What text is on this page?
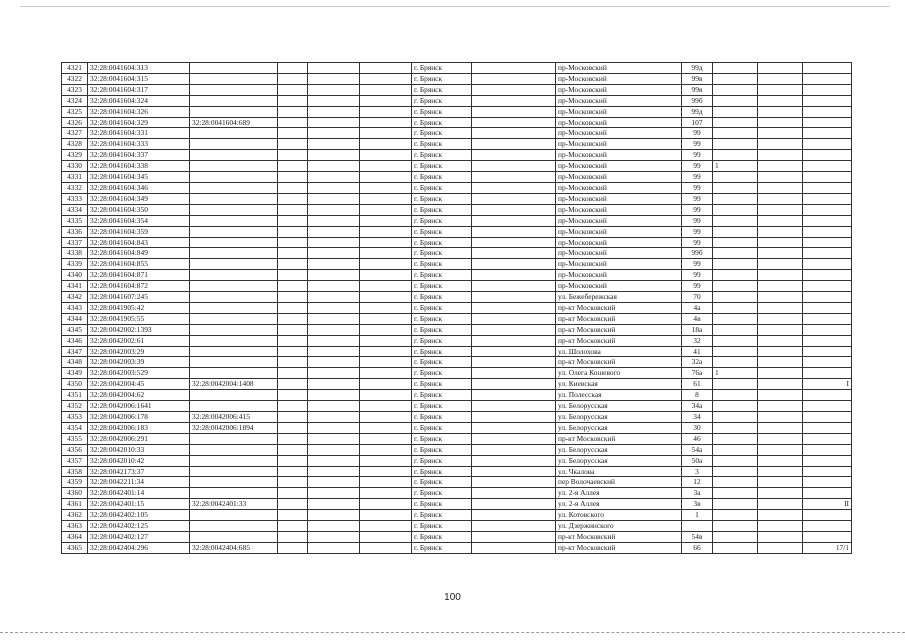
4321	32:28:0041604:313					г. Брянск		пр-Московский	99д			
4322	32:28:0041604:315					г. Брянск		пр-Московский	99в			
4323	32:28:0041604:317					г. Брянск		пр-Московский	99в			
4324	32:28:0041604:324					г. Брянск		пр-Московский	99б			
4325	32:28:0041604:326					г. Брянск		пр-Московский	99д			
4326	32:28:0041604:329	32:28:0041604:689				г. Брянск		пр-Московский	107			
4327	32:28:0041604:331					г. Брянск		пр-Московский	99			
4328	32:28:0041604:333					г. Брянск		пр-Московский	99			
4329	32:28:0041604:337					г. Брянск		пр-Московский	99			
4330	32:28:0041604:338					г. Брянск		пр-Московский	99	1		
4331	32:28:0041604:345					г. Брянск		пр-Московский	99			
4332	32:28:0041604:346					г. Брянск		пр-Московский	99			
4333	32:28:0041604:349					г. Брянск		пр-Московский	99			
4334	32:28:0041604:350					г. Брянск		пр-Московский	99			
4335	32:28:0041604:354					г. Брянск		пр-Московский	99			
4336	32:28:0041604:359					г. Брянск		пр-Московский	99			
4337	32:28:0041604:843					г. Брянск		пр-Московский	99			
4338	32:28:0041604:849					г. Брянск		пр-Московский	99б			
4339	32:28:0041604:855					г. Брянск		пр-Московский	99			
4340	32:28:0041604:871					г. Брянск		пр-Московский	99			
4341	32:28:0041604:872					г. Брянск		пр-Московский	99			
4342	32:28:0041607:245					г. Брянск		ул. Бежебережская	70			
4343	32:28:0041905:42					г. Брянск		пр-кт Московский	4а			
4344	32:28:0041905:55					г. Брянск		пр-кт Московский	4в			
4345	32:28:0042002:1393					г. Брянск		пр-кт Московский	18а			
4346	32:28:0042002:61					г. Брянск		пр-кт Московский	32			
4347	32:28:0042003:29					г. Брянск		ул. Шолохова	41			
4348	32:28:0042003:39					г. Брянск		пр-кт Московский	32а			
4349	32:28:0042003:529					г. Брянск		ул. Олега Кошевого	76а	1		
4350	32:28:0042004:45	32:28:0042004:1408				г. Брянск		ул. Киевская	61			I
4351	32:28:0042004:62					г. Брянск		ул. Полесская	8			
4352	32:28:0042006:1641					г. Брянск		ул. Белорусская	34а			
4353	32:28:0042006:178	32:28:0042006:415				г. Брянск		ул. Белорусская	34			
4354	32:28:0042006:183	32:28:0042006:1894				г. Брянск		ул. Белорусская	30			
4355	32:28:0042006:291					г. Брянск		пр-кт Московский	46			
4356	32:28:0042010:33					г. Брянск		ул. Белорусская	54а			
4357	32:28:0042010:42					г. Брянск		ул. Белорусская	50а			
4358	32:28:0042173:37					г. Брянск		ул. Чкалова	3			
4359	32:28:0042211:34					г. Брянск		пер Волочаевский	12			
4360	32:28:0042401:14					г. Брянск		ул. 2-я Аллея	3а			
4361	32:28:0042401:15	32:28:0042401:33				г. Брянск		ул. 2-я Аллея	3в			II
4362	32:28:0042402:105					г. Брянск		ул. Котовского	1			
4363	32:28:0042402:125					г. Брянск		ул. Дзержинского				
4364	32:28:0042402:127					г. Брянск		пр-кт Московский	54в			
4365	32:28:0042404:296	32:28:0042404:685				г. Брянск		пр-кт Московский	66			17/1
100
